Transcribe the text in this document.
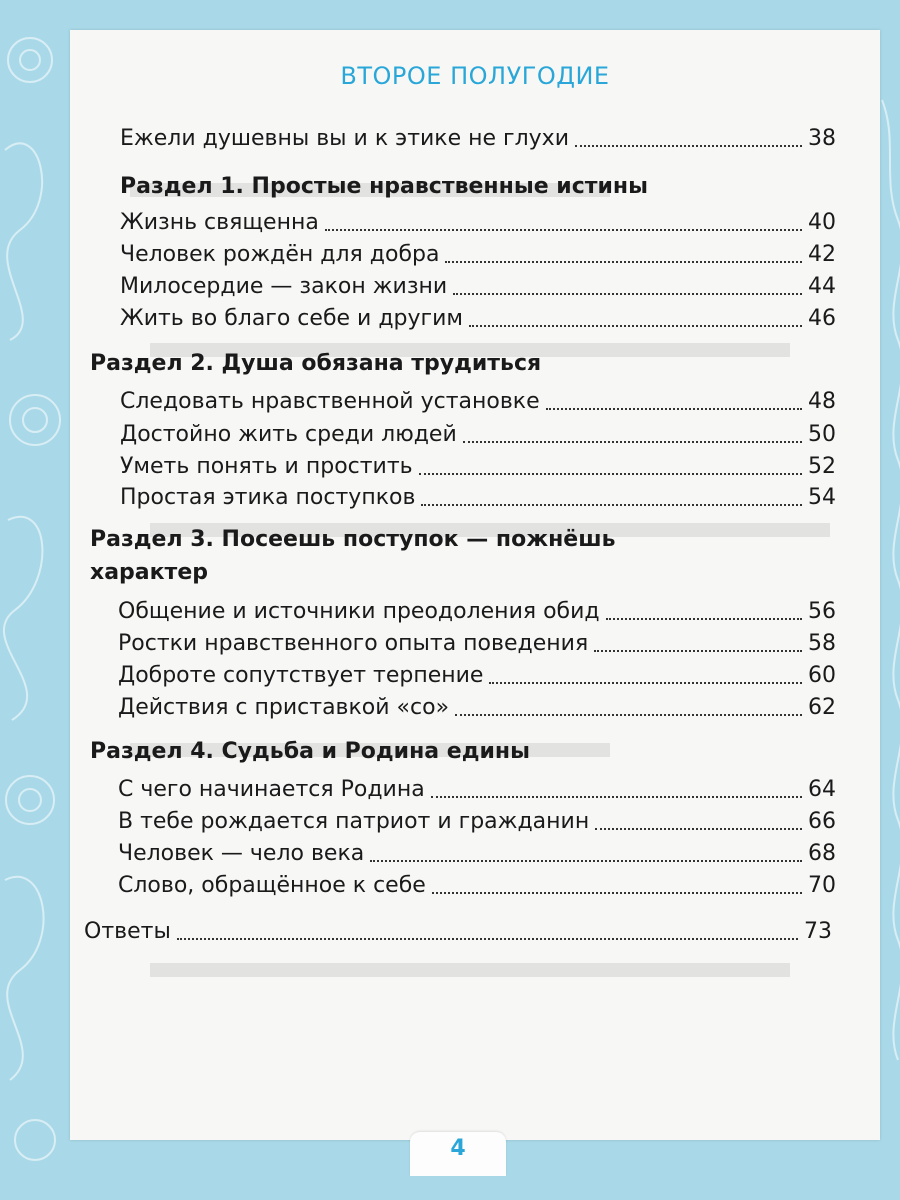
ВТОРОЕ ПОЛУГОДИЕ
Ежели душевны вы и к этике не глухи	38
Раздел 1. Простые нравственные истины
Жизнь священна	40
Человек рождён для добра	42
Милосердие — закон жизни	44
Жить во благо себе и другим	46
Раздел 2. Душа обязана трудиться
Следовать нравственной установке	48
Достойно жить среди людей	50
Уметь понять и простить	52
Простая этика поступков	54
Раздел 3. Посеешь поступок — пожнёшь
характер
Общение и источники преодоления обид	56
Ростки нравственного опыта поведения	58
Доброте сопутствует терпение	60
Действия с приставкой «со»	62
Раздел 4. Судьба и Родина едины
С чего начинается Родина	64
В тебе рождается патриот и гражданин	66
Человек — чело века	68
Слово, обращённое к себе	70
Ответы	73
4
